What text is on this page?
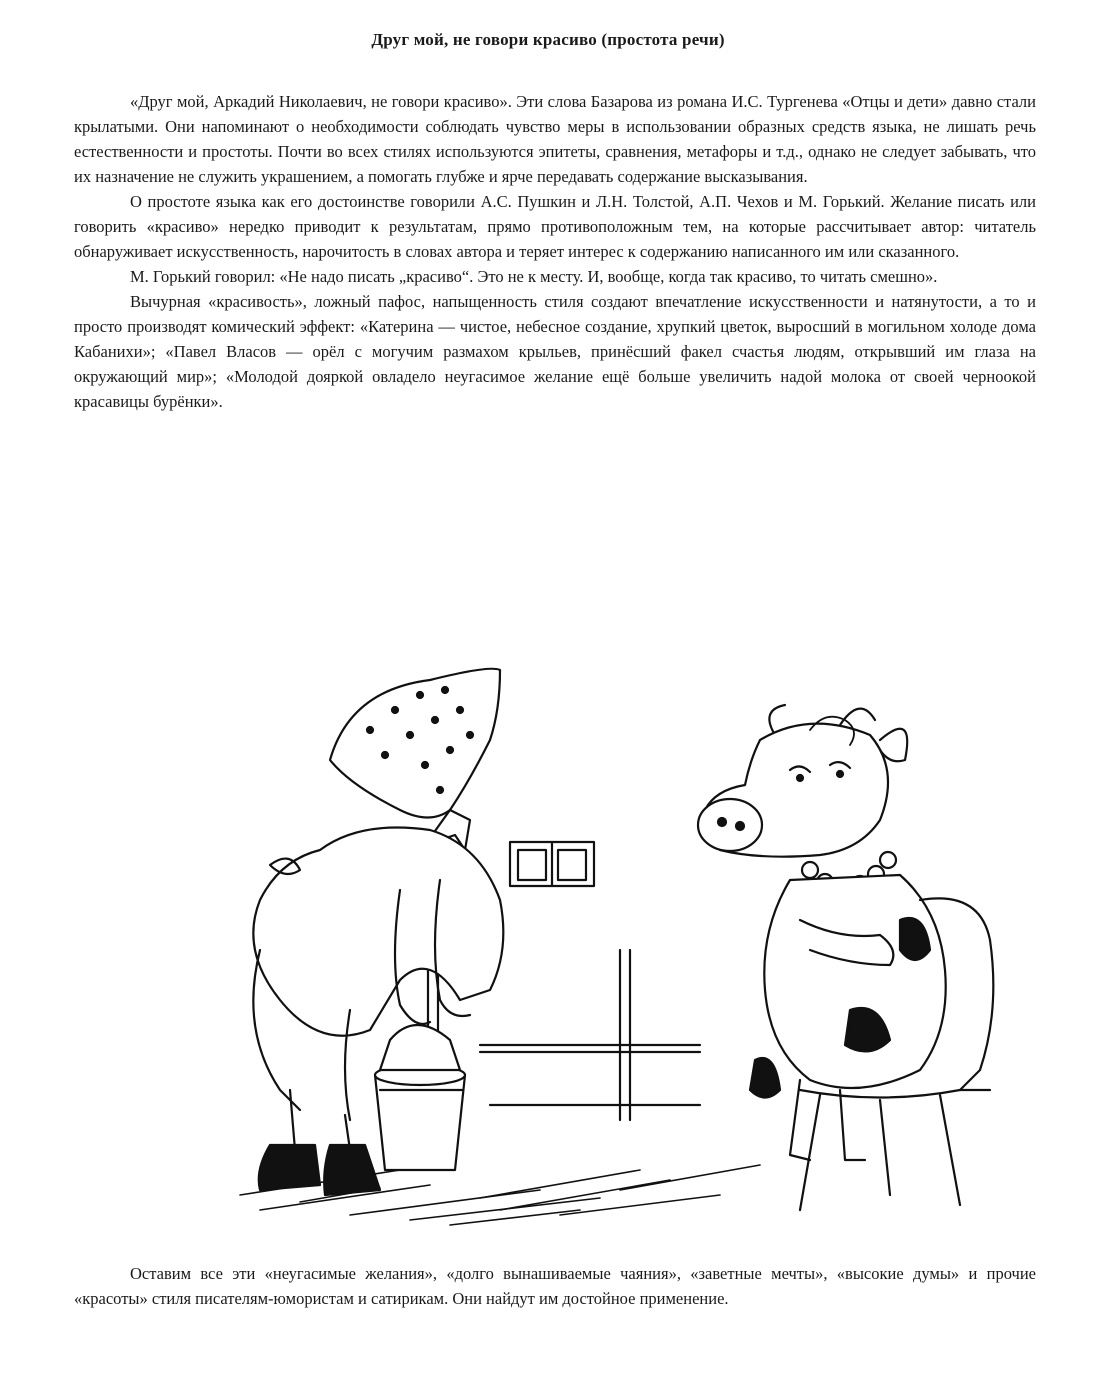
Друг мой, не говори красиво (простота речи)

«Друг мой, Аркадий Николаевич, не говори красиво». Эти слова Базарова из романа И.С. Тургенева «Отцы и дети» давно стали крылатыми. Они напоминают о необходимости соблюдать чувство меры в использовании образных средств языка, не лишать речь естественности и простоты. Почти во всех стилях используются эпитеты, сравнения, метафоры и т.д., однако не следует забывать, что их назначение не служить украшением, а помогать глубже и ярче передавать содержание высказывания.

О простоте языка как его достоинстве говорили А.С. Пушкин и Л.Н. Толстой, А.П. Чехов и М. Горький. Желание писать или говорить «красиво» нередко приводит к результатам, прямо противоположным тем, на которые рассчитывает автор: читатель обнаруживает искусственность, нарочитость в словах автора и теряет интерес к содержанию написанного им или сказанного.

М. Горький говорил: «Не надо писать „красиво“. Это не к месту. И, вообще, когда так красиво, то читать смешно».

Вычурная «красивость», ложный пафос, напыщенность стиля создают впечатление искусственности и натянутости, а то и просто производят комический эффект: «Катерина — чистое, небесное создание, хрупкий цветок, выросший в могильном холоде дома Кабанихи»; «Павел Власов — орёл с могучим размахом крыльев, принёсший факел счастья людям, открывший им глаза на окружающий мир»; «Молодой дояркой овладело неугасимое желание ещё больше увеличить надой молока от своей черноокой красавицы бурёнки».

Оставим все эти «неугасимые желания», «долго вынашиваемые чаяния», «заветные мечты», «высокие думы» и прочие «красоты» стиля писателям-юмористам и сатирикам. Они найдут им достойное применение.
